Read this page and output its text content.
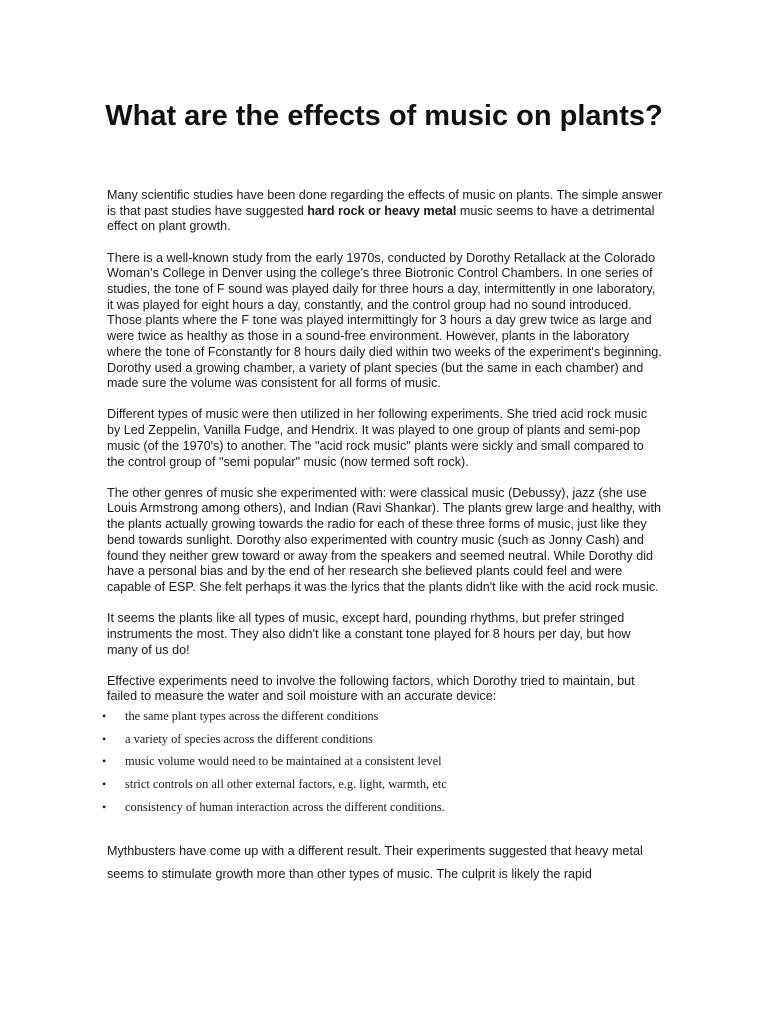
What are the effects of music on plants?

Many scientific studies have been done regarding the effects of music on plants. The simple answer is that past studies have suggested hard rock or heavy metal music seems to have a detrimental effect on plant growth.

There is a well-known study from the early 1970s, conducted by Dorothy Retallack at the Colorado Woman's College in Denver using the college's three Biotronic Control Chambers. In one series of studies, the tone of F sound was played daily for three hours a day, intermittently in one laboratory, it was played for eight hours a day, constantly, and the control group had no sound introduced. Those plants where the F tone was played intermittingly for 3 hours a day grew twice as large and were twice as healthy as those in a sound-free environment. However, plants in the laboratory where the tone of Fconstantly for 8 hours daily died within two weeks of the experiment's beginning. Dorothy used a growing chamber, a variety of plant species (but the same in each chamber) and made sure the volume was consistent for all forms of music.

Different types of music were then utilized in her following experiments. She tried acid rock music by Led Zeppelin, Vanilla Fudge, and Hendrix. It was played to one group of plants and semi-pop music (of the 1970's) to another. The "acid rock music" plants were sickly and small compared to the control group of "semi popular" music (now termed soft rock).

The other genres of music she experimented with: were classical music (Debussy), jazz (she use Louis Armstrong among others), and Indian (Ravi Shankar). The plants grew large and healthy, with the plants actually growing towards the radio for each of these three forms of music, just like they bend towards sunlight. Dorothy also experimented with country music (such as Jonny Cash) and found they neither grew toward or away from the speakers and seemed neutral. While Dorothy did have a personal bias and by the end of her research she believed plants could feel and were capable of ESP. She felt perhaps it was the lyrics that the plants didn't like with the acid rock music.

It seems the plants like all types of music, except hard, pounding rhythms, but prefer stringed instruments the most. They also didn't like a constant tone played for 8 hours per day, but how many of us do!

Effective experiments need to involve the following factors, which Dorothy tried to maintain, but failed to measure the water and soil moisture with an accurate device:

• the same plant types across the different conditions
• a variety of species across the different conditions
• music volume would need to be maintained at a consistent level
• strict controls on all other external factors, e.g. light, warmth, etc
• consistency of human interaction across the different conditions.

Mythbusters have come up with a different result. Their experiments suggested that heavy metal seems to stimulate growth more than other types of music. The culprit is likely the rapid
